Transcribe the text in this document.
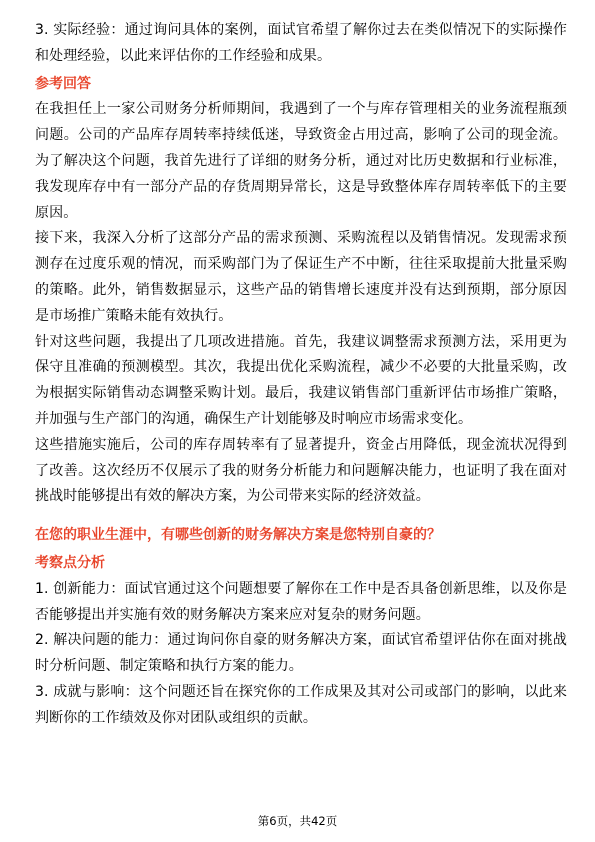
3. 实际经验：通过询问具体的案例，面试官希望了解你过去在类似情况下的实际操作和处理经验，以此来评估你的工作经验和成果。

参考回答

在我担任上一家公司财务分析师期间，我遇到了一个与库存管理相关的业务流程瓶颈问题。公司的产品库存周转率持续低迷，导致资金占用过高，影响了公司的现金流。为了解决这个问题，我首先进行了详细的财务分析，通过对比历史数据和行业标准，我发现库存中有一部分产品的存货周期异常长，这是导致整体库存周转率低下的主要原因。

接下来，我深入分析了这部分产品的需求预测、采购流程以及销售情况。发现需求预测存在过度乐观的情况，而采购部门为了保证生产不中断，往往采取提前大批量采购的策略。此外，销售数据显示，这些产品的销售增长速度并没有达到预期，部分原因是市场推广策略未能有效执行。

针对这些问题，我提出了几项改进措施。首先，我建议调整需求预测方法，采用更为保守且准确的预测模型。其次，我提出优化采购流程，减少不必要的大批量采购，改为根据实际销售动态调整采购计划。最后，我建议销售部门重新评估市场推广策略，并加强与生产部门的沟通，确保生产计划能够及时响应市场需求变化。

这些措施实施后，公司的库存周转率有了显著提升，资金占用降低，现金流状况得到了改善。这次经历不仅展示了我的财务分析能力和问题解决能力，也证明了我在面对挑战时能够提出有效的解决方案，为公司带来实际的经济效益。

在您的职业生涯中，有哪些创新的财务解决方案是您特别自豪的？

考察点分析

1. 创新能力：面试官通过这个问题想要了解你在工作中是否具备创新思维，以及你是否能够提出并实施有效的财务解决方案来应对复杂的财务问题。

2. 解决问题的能力：通过询问你自豪的财务解决方案，面试官希望评估你在面对挑战时分析问题、制定策略和执行方案的能力。

3. 成就与影响：这个问题还旨在探究你的工作成果及其对公司或部门的影响，以此来判断你的工作绩效及你对团队或组织的贡献。

第6页，共42页
